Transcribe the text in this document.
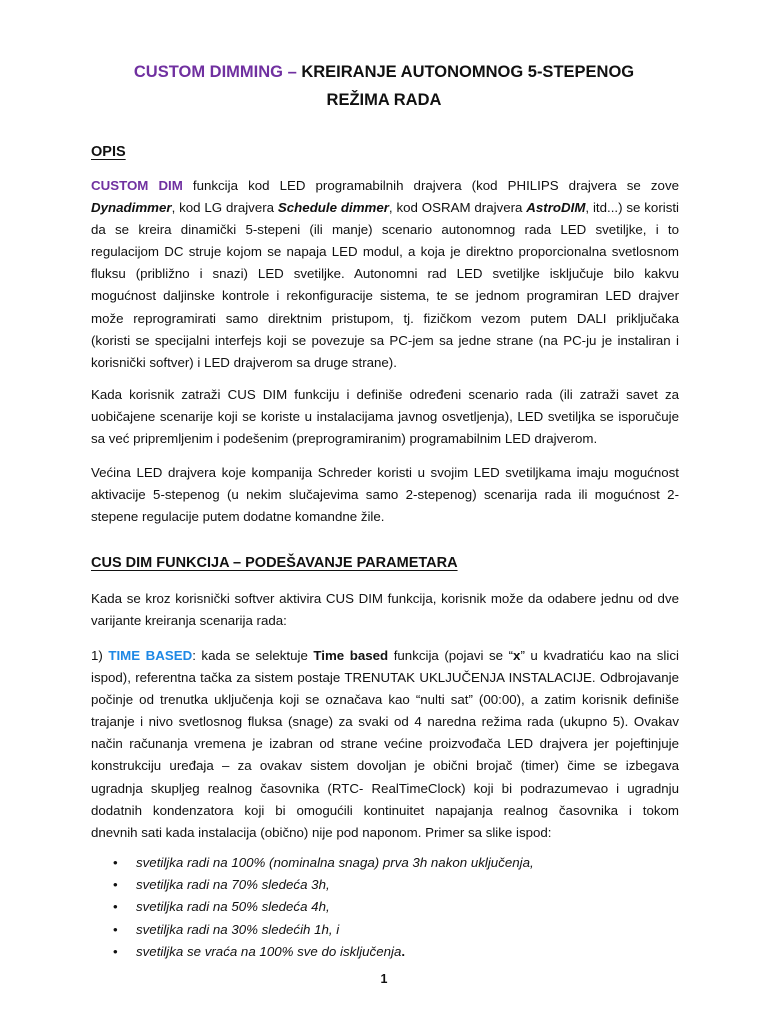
CUSTOM DIMMING – KREIRANJE AUTONOMNOG 5-STEPENOG
REŽIMA RADA
OPIS
CUSTOM DIM funkcija kod LED programabilnih drajvera (kod PHILIPS drajvera se zove
Dynadimmer, kod LG drajvera Schedule dimmer, kod OSRAM drajvera AstroDIM, itd...) se koristi
da se kreira dinamički 5-stepeni (ili manje) scenario autonomnog rada LED svetiljke, i to
regulacijom DC struje kojom se napaja LED modul, a koja je direktno proporcionalna svetlosnom
fluksu (približno i snazi) LED svetiljke. Autonomni rad LED svetiljke isključuje bilo kakvu
mogućnost daljinske kontrole i rekonfiguracije sistema, te se jednom programiran LED drajver
može reprogramirati samo direktnim pristupom, tj. fizičkom vezom putem DALI priključaka
(koristi se specijalni interfejs koji se povezuje sa PC-jem sa jedne strane (na PC-ju je instaliran i
korisnički softver) i LED drajverom sa druge strane).
Kada korisnik zatraži CUS DIM funkciju i definiše određeni scenario rada (ili zatraži savet za
uobičajene scenarije koji se koriste u instalacijama javnog osvetljenja), LED svetiljka se isporučuje
sa već pripremljenim i podešenim (preprogramiranim) programabilnim LED drajverom.
Većina LED drajvera koje kompanija Schreder koristi u svojim LED svetiljkama imaju mogućnost
aktivacije 5-stepenog (u nekim slučajevima samo 2-stepenog) scenarija rada ili mogućnost 2-
stepene regulacije putem dodatne komandne žile.
CUS DIM FUNKCIJA – PODEŠAVANJE PARAMETARA
Kada se kroz korisnički softver aktivira CUS DIM funkcija, korisnik može da odabere jednu od dve
varijante kreiranja scenarija rada:
1) TIME BASED: kada se selektuje Time based funkcija (pojavi se “x” u kvadratiću kao na slici
ispod), referentna tačka za sistem postaje TRENUTAK UKLJUČENJA INSTALACIJE. Odbrojavanje
počinje od trenutka uključenja koji se označava kao “nulti sat” (00:00), a zatim korisnik definiše
trajanje i nivo svetlosnog fluksa (snage) za svaki od 4 naredna režima rada (ukupno 5). Ovakav
način računanja vremena je izabran od strane većine proizvođača LED drajvera jer pojeftinjuje
konstrukciju uređaja – za ovakav sistem dovoljan je obični brojač (timer) čime se izbegava
ugradnja skupljeg realnog časovnika (RTC- RealTimeClock) koji bi podrazumevao i ugradnju
dodatnih kondenzatora koji bi omogućili kontinuitet napajanja realnog časovnika i tokom
dnevnih sati kada instalacija (obično) nije pod naponom. Primer sa slike ispod:
• svetiljka radi na 100% (nominalna snaga) prva 3h nakon uključenja,
• svetiljka radi na 70% sledeća 3h,
• svetiljka radi na 50% sledeća 4h,
• svetiljka radi na 30% sledećih 1h, i
• svetiljka se vraća na 100% sve do isključenja.
1
